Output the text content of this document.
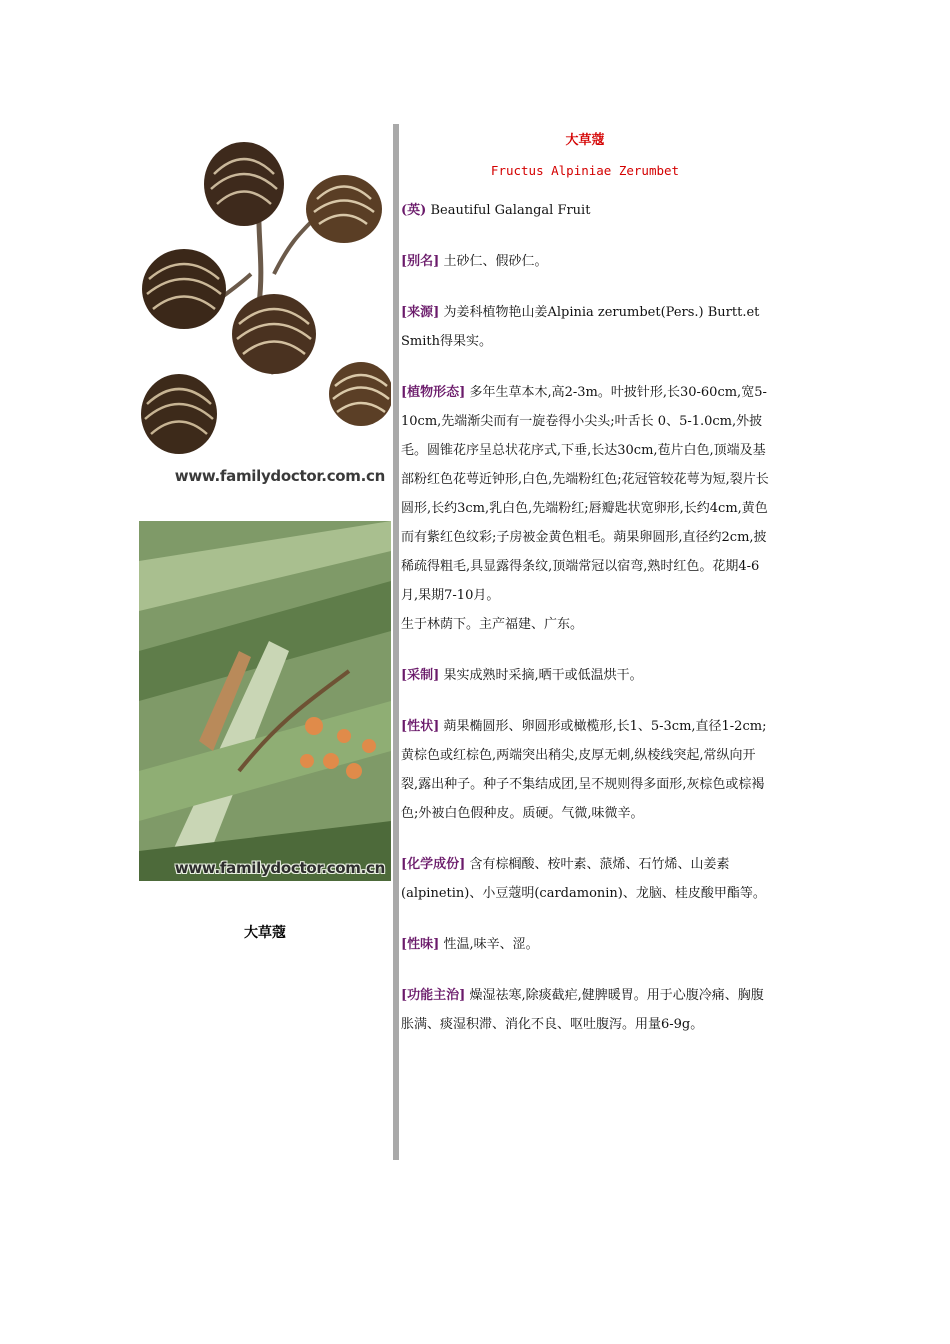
www.familydoctor.com.cn
www.familydoctor.com.cn
大草蔻
大草蔻
Fructus Alpiniae Zerumbet

(英) Beautiful Galangal Fruit

[别名] 土砂仁、假砂仁。

[来源] 为姜科植物艳山姜Alpinia zerumbet(Pers.) Burtt.et Smith得果实。

[植物形态] 多年生草本木,高2-3m。叶披针形,长30-60cm,宽5-10cm,先端渐尖而有一旋卷得小尖头;叶舌长 0、5-1.0cm,外披毛。圆锥花序呈总状花序式,下垂,长达30cm,苞片白色,顶端及基部粉红色花萼近钟形,白色,先端粉红色;花冠管较花萼为短,裂片长圆形,长约3cm,乳白色,先端粉红;唇瓣匙状宽卵形,长约4cm,黄色而有紫红色纹彩;子房被金黄色粗毛。蒴果卵圆形,直径约2cm,披稀疏得粗毛,具显露得条纹,顶端常冠以宿弯,熟时红色。花期4-6月,果期7-10月。

生于林荫下。主产福建、广东。

[采制] 果实成熟时采摘,晒干或低温烘干。

[性状] 蒴果椭圆形、卵圆形或橄榄形,长1、5-3cm,直径1-2cm;黄棕色或红棕色,两端突出稍尖,皮厚无刺,纵棱线突起,常纵向开裂,露出种子。种子不集结成团,呈不规则得多面形,灰棕色或棕褐色;外被白色假种皮。质硬。气微,味微辛。

[化学成份] 含有棕榈酸、桉叶素、蒎烯、石竹烯、山姜素(alpinetin)、小豆蔻明(cardamonin)、龙脑、桂皮酸甲酯等。

[性味] 性温,味辛、涩。

[功能主治] 燥湿祛寒,除痰截疟,健脾暖胃。用于心腹冷痛、胸腹胀满、痰湿积滞、消化不良、呕吐腹泻。用量6-9g。
